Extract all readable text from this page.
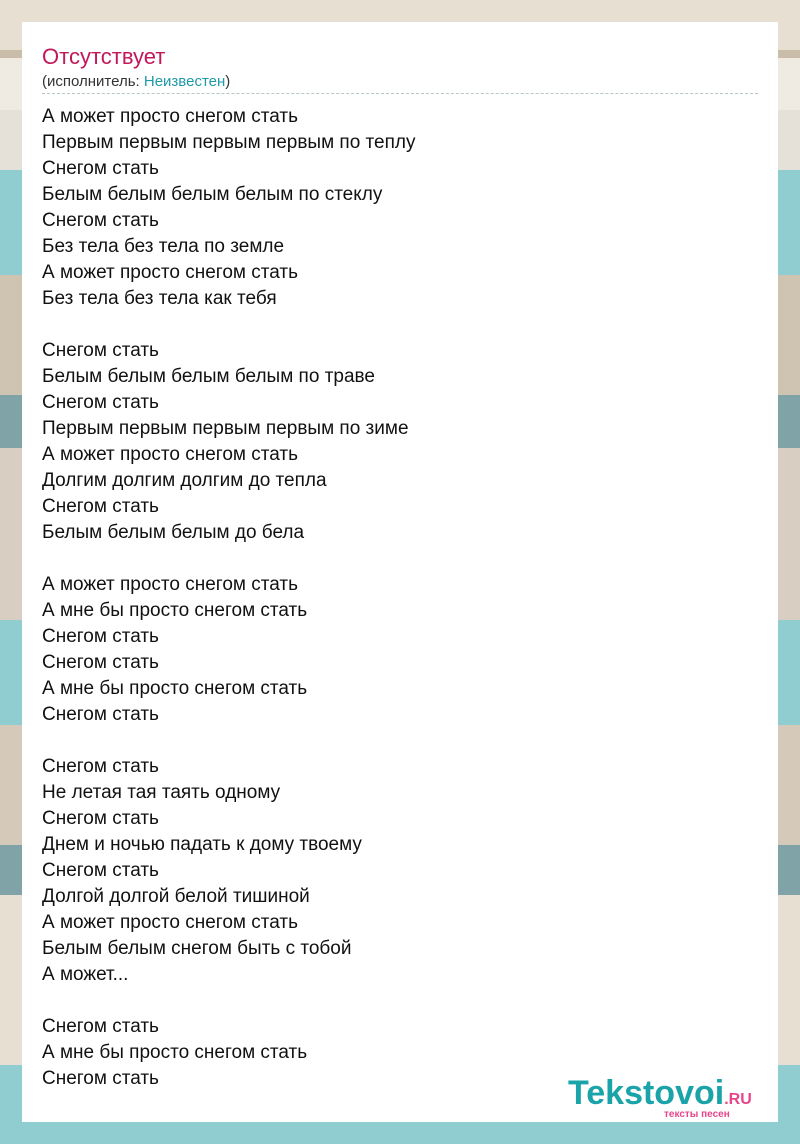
Отсутствует
(исполнитель: Неизвестен)
А может просто снегом стать
Первым первым первым первым по теплу
Снегом стать
Белым белым белым белым по стеклу
Снегом стать
Без тела без тела по земле
А может просто снегом стать
Без тела без тела как тебя
Снегом стать
Белым белым белым белым по траве
Снегом стать
Первым первым первым первым по зиме
А может просто снегом стать
Долгим долгим долгим до тепла
Снегом стать
Белым белым белым до бела
А может просто снегом стать
А мне бы просто снегом стать
Снегом стать
Снегом стать
А мне бы просто снегом стать
Снегом стать
Снегом стать
Не летая тая таять одному
Снегом стать
Днем и ночью падать к дому твоему
Снегом стать
Долгой долгой белой тишиной
А может просто снегом стать
Белым белым снегом быть с тобой
А может...
Снегом стать
А мне бы просто снегом стать
Снегом стать	Tekstovoi.RU
тексты песен
